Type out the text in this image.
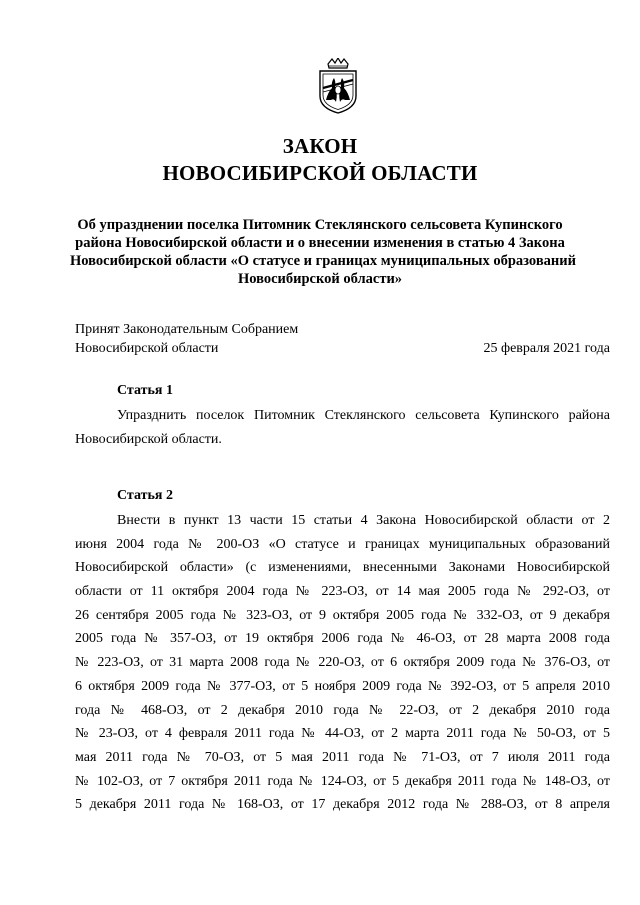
ЗАКОН
НОВОСИБИРСКОЙ ОБЛАСТИ
Об упразднении поселка Питомник Стеклянского сельсовета Купинского
района Новосибирской области и о внесении изменения в статью 4 Закона
Новосибирской области «О статусе и границах муниципальных образований
Новосибирской области»
Принят Законодательным Собранием
Новосибирской области	25 февраля 2021 года
Статья 1
Упразднить поселок Питомник Стеклянского сельсовета Купинского района
Новосибирской области.
Статья 2
Внести в пункт 13 части 15 статьи 4 Закона Новосибирской области от 2
июня 2004 года № 200-ОЗ «О статусе и границах муниципальных образований
Новосибирской области» (с изменениями, внесенными Законами Новосибирской
области от 11 октября 2004 года № 223-ОЗ, от 14 мая 2005 года № 292-ОЗ, от
26 сентября 2005 года № 323-ОЗ, от 9 октября 2005 года № 332-ОЗ, от 9 декабря
2005 года № 357-ОЗ, от 19 октября 2006 года № 46-ОЗ, от 28 марта 2008 года
№ 223-ОЗ, от 31 марта 2008 года № 220-ОЗ, от 6 октября 2009 года № 376-ОЗ, от
6 октября 2009 года № 377-ОЗ, от 5 ноября 2009 года № 392-ОЗ, от 5 апреля 2010
года № 468-ОЗ, от 2 декабря 2010 года № 22-ОЗ, от 2 декабря 2010 года
№ 23-ОЗ, от 4 февраля 2011 года № 44-ОЗ, от 2 марта 2011 года № 50-ОЗ, от 5
мая 2011 года № 70-ОЗ, от 5 мая 2011 года № 71-ОЗ, от 7 июля 2011 года
№ 102-ОЗ, от 7 октября 2011 года № 124-ОЗ, от 5 декабря 2011 года № 148-ОЗ, от
5 декабря 2011 года № 168-ОЗ, от 17 декабря 2012 года № 288-ОЗ, от 8 апреля
